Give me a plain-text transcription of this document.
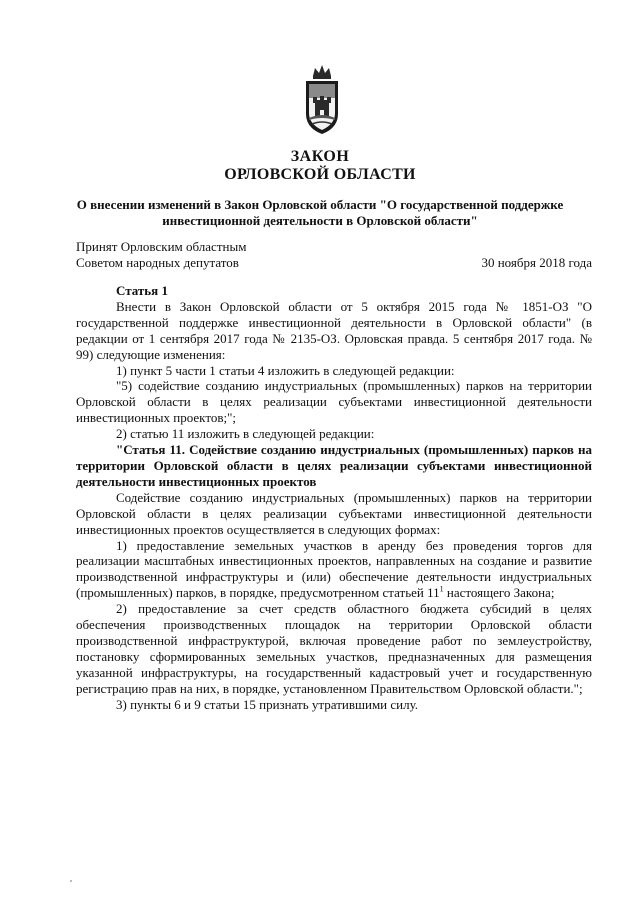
ЗАКОН
ОРЛОВСКОЙ ОБЛАСТИ
О внесении изменений в Закон Орловской области "О государственной поддержке
инвестиционной деятельности в Орловской области"
Принят Орловским областным
Советом народных депутатов	30 ноября 2018 года

Статья 1

Внести в Закон Орловской области от 5 октября 2015 года № 1851-ОЗ "О государственной поддержке инвестиционной деятельности в Орловской области" (в редакции от 1 сентября 2017 года № 2135-ОЗ. Орловская правда. 5 сентября 2017 года. № 99) следующие изменения:

1) пункт 5 части 1 статьи 4 изложить в следующей редакции:

"5) содействие созданию индустриальных (промышленных) парков на территории Орловской области в целях реализации субъектами инвестиционной деятельности инвестиционных проектов;";

2) статью 11 изложить в следующей редакции:

"Статья 11. Содействие созданию индустриальных (промышленных) парков на территории Орловской области в целях реализации субъектами инвестиционной деятельности инвестиционных проектов

Содействие созданию индустриальных (промышленных) парков на территории Орловской области в целях реализации субъектами инвестиционной деятельности инвестиционных проектов осуществляется в следующих формах:

1) предоставление земельных участков в аренду без проведения торгов для реализации масштабных инвестиционных проектов, направленных на создание и развитие производственной инфраструктуры и (или) обеспечение деятельности индустриальных (промышленных) парков, в порядке, предусмотренном статьей $11^1$ настоящего Закона;

2) предоставление за счет средств областного бюджета субсидий в целях обеспечения производственных площадок на территории Орловской области производственной инфраструктурой, включая проведение работ по землеустройству, постановку сформированных земельных участков, предназначенных для размещения указанной инфраструктуры, на государственный кадастровый учет и государственную регистрацию прав на них, в порядке, установленном Правительством Орловской области.";

3) пункты 6 и 9 статьи 15 признать утратившими силу.
